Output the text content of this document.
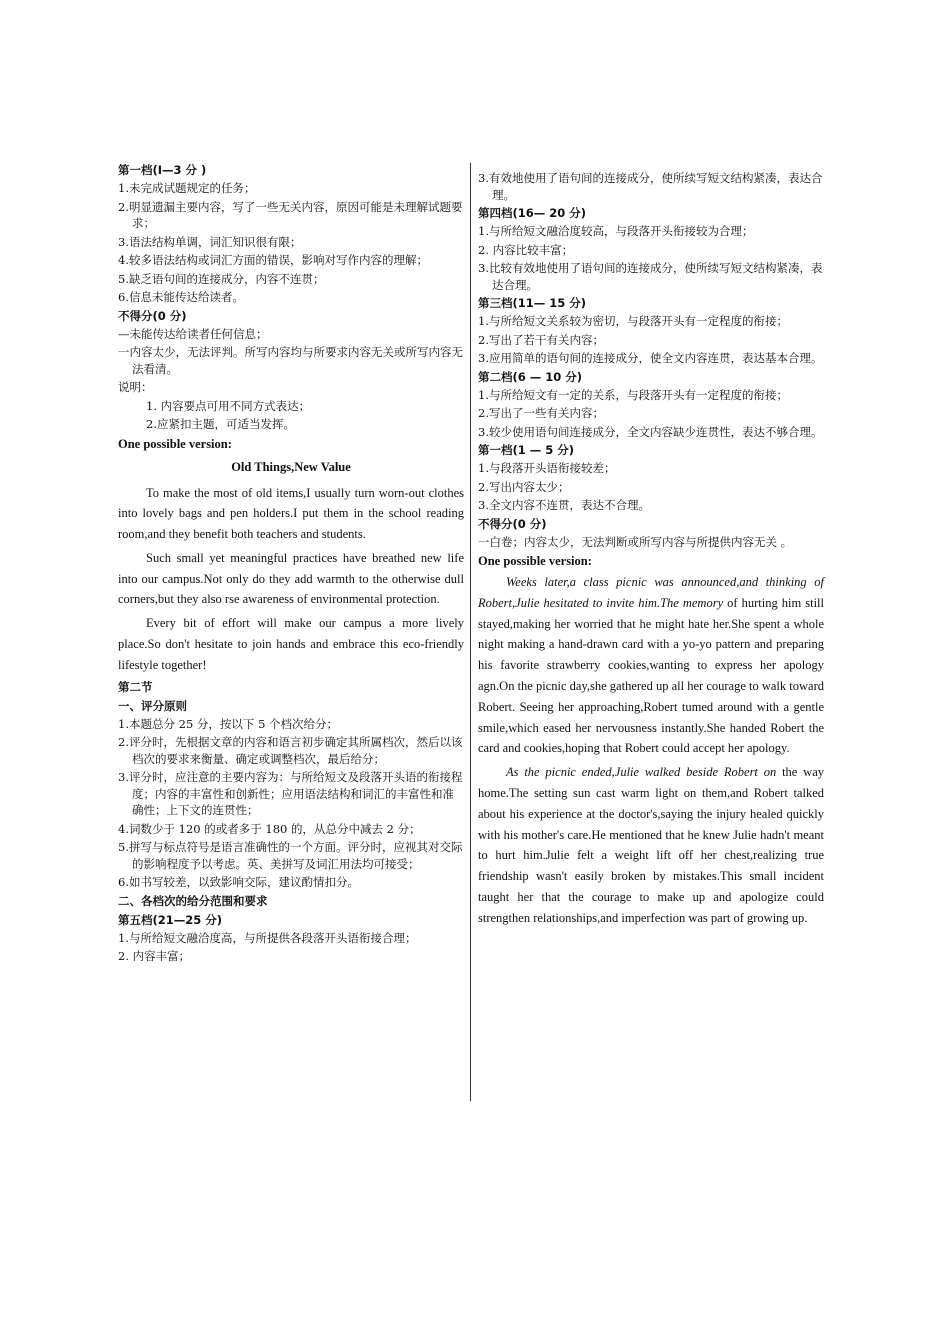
第一档(I—3 分 )
1.未完成试题规定的任务；
2.明显遗漏主要内容，写了一些无关内容，原因可能是未理解试题要求；
3.语法结构单调，词汇知识很有限；
4.较多语法结构或词汇方面的错误，影响对写作内容的理解；
5.缺乏语句间的连接成分，内容不连贯；
6.信息未能传达给读者。
不得分(0 分)
—未能传达给读者任何信息；
一内容太少，无法评判。所写内容均与所要求内容无关或所写内容无法看清。
说明：
1. 内容要点可用不同方式表达；
2.应紧扣主题，可适当发挥。
One possible version:
Old Things,New Value

To make the most of old items,I usually turn worn-out clothes into lovely bags and pen holders.I put them in the school reading room,and they benefit both teachers and students.

Such small yet meaningful practices have breathed new life into our campus.Not only do they add warmth to the otherwise dull corners,but they also rse awareness of environmental protection.

Every bit of effort will make our campus a more lively place.So don't hesitate to join hands and embrace this eco-friendly lifestyle together!

第二节
一、评分原则
1.本题总分 25 分，按以下 5 个档次给分；
2.评分时，先根据文章的内容和语言初步确定其所属档次，然后以该档次的要求来衡量、确定或调整档次，最后给分；
3.评分时，应注意的主要内容为：与所给短文及段落开头语的衔接程度；内容的丰富性和创新性；应用语法结构和词汇的丰富性和准确性；上下文的连贯性；
4.词数少于 120 的或者多于 180 的，从总分中减去 2 分；
5.拼写与标点符号是语言准确性的一个方面。评分时，应视其对交际的影响程度予以考虑。英、美拼写及词汇用法均可接受；
6.如书写较差，以致影响交际，建议酌情扣分。
二、各档次的给分范围和要求
第五档(21—25 分)
1.与所给短文融洽度高，与所提供各段落开头语衔接合理；
2. 内容丰富；
3.有效地使用了语句间的连接成分，使所续写短文结构紧凑，表达合理。
第四档(16— 20 分)
1.与所给短文融洽度较高，与段落开头衔接较为合理；
2. 内容比较丰富；
3.比较有效地使用了语句间的连接成分，使所续写短文结构紧凑，表达合理。
第三档(11— 15 分)
1.与所给短文关系较为密切，与段落开头有一定程度的衔接；
2.写出了若干有关内容；
3.应用简单的语句间的连接成分，使全文内容连贯，表达基本合理。
第二档(6 — 10 分)
1.与所给短文有一定的关系，与段落开头有一定程度的衔接；
2.写出了一些有关内容；
3.较少使用语句间连接成分，全文内容缺少连贯性，表达不够合理。
第一档(1 — 5 分)
1.与段落开头语衔接较差；
2.写出内容太少；
3.全文内容不连贯，表达不合理。
不得分(0 分)
一白卷；内容太少，无法判断或所写内容与所提供内容无关 。
One possible version:

Weeks later,a class picnic was announced,and thinking of Robert,Julie hesitated to invite him.The memory of hurting him still stayed,making her worried that he might hate her.She spent a whole night making a hand-drawn card with a yo-yo pattern and preparing his favorite strawberry cookies,wanting to express her apology agn.On the picnic day,she gathered up all her courage to walk toward Robert. Seeing her approaching,Robert tumed around with a gentle smile,which eased her nervousness instantly.She handed Robert the card and cookies,hoping that Robert could accept her apology.

As the picnic ended,Julie walked beside Robert on the way home.The setting sun cast warm light on them,and Robert talked about his experience at the doctor's,saying the injury healed quickly with his mother's care.He mentioned that he knew Julie hadn't meant to hurt him.Julie felt a weight lift off her chest,realizing true friendship wasn't easily broken by mistakes.This small incident taught her that the courage to make up and apologize could strengthen relationships,and imperfection was part of growing up.
